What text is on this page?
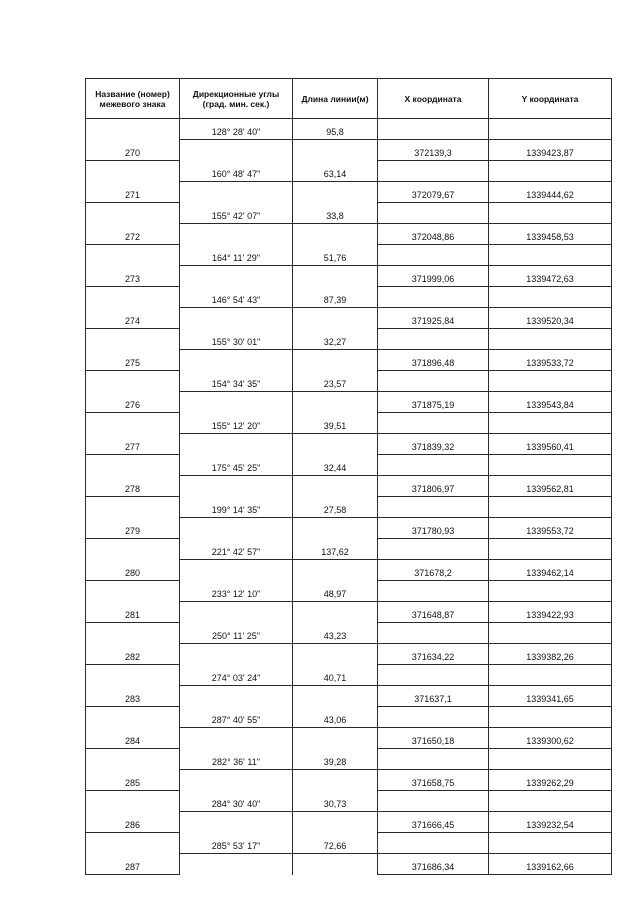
Название (номер) межевого знака	Дирекционные углы (град. мин. сек.)	Длина линии(м)	X координата	Y координата
	128° 28' 40"	95,8		
270			372139,3	1339423,87
	160° 48' 47"	63,14		
271			372079,67	1339444,62
	155° 42' 07"	33,8		
272			372048,86	1339458,53
	164° 11' 29"	51,76		
273			371999,06	1339472,63
	146° 54' 43"	87,39		
274			371925,84	1339520,34
	155° 30' 01"	32,27		
275			371896,48	1339533,72
	154° 34' 35"	23,57		
276			371875,19	1339543,84
	155° 12' 20"	39,51		
277			371839,32	1339560,41
	175° 45' 25"	32,44		
278			371806,97	1339562,81
	199° 14' 35"	27,58		
279			371780,93	1339553,72
	221° 42' 57"	137,62		
280			371678,2	1339462,14
	233° 12' 10"	48,97		
281			371648,87	1339422,93
	250° 11' 25"	43,23		
282			371634,22	1339382,26
	274° 03' 24"	40,71		
283			371637,1	1339341,65
	287° 40' 55"	43,06		
284			371650,18	1339300,62
	282° 36' 11"	39,28		
285			371658,75	1339262,29
	284° 30' 40"	30,73		
286			371666,45	1339232,54
	285° 53' 17"	72,66		
287			371686,34	1339162,66
